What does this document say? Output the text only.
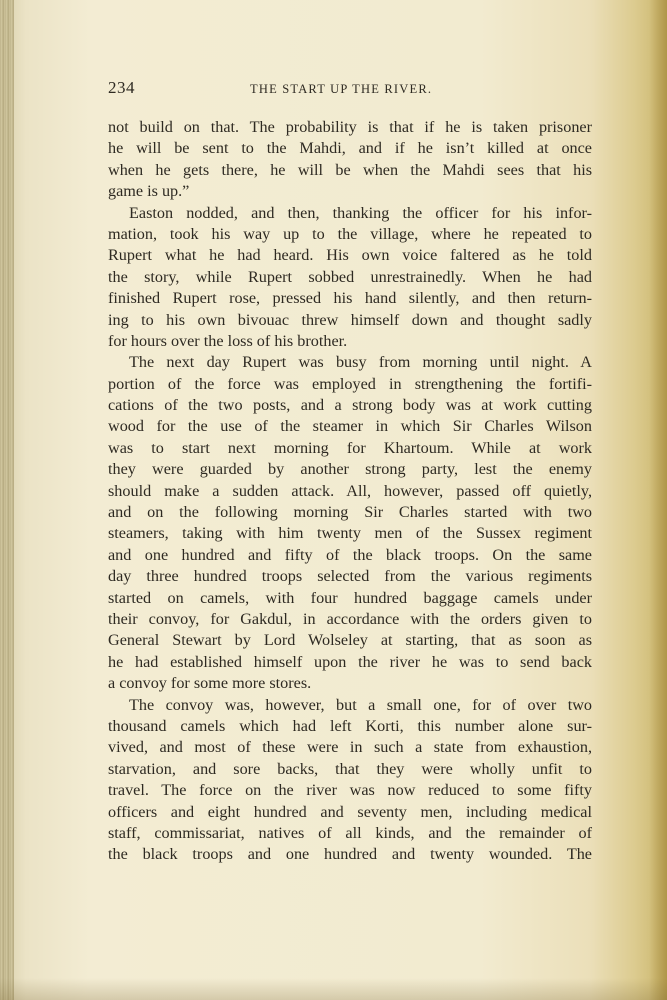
234	THE START UP THE RIVER.
not build on that. The probability is that if he is taken prisoner
he will be sent to the Mahdi, and if he isn’t killed at once
when he gets there, he will be when the Mahdi sees that his
game is up.”
Easton nodded, and then, thanking the officer for his infor-
mation, took his way up to the village, where he repeated to
Rupert what he had heard. His own voice faltered as he told
the story, while Rupert sobbed unrestrainedly. When he had
finished Rupert rose, pressed his hand silently, and then return-
ing to his own bivouac threw himself down and thought sadly
for hours over the loss of his brother.
The next day Rupert was busy from morning until night. A
portion of the force was employed in strengthening the fortifi-
cations of the two posts, and a strong body was at work cutting
wood for the use of the steamer in which Sir Charles Wilson
was to start next morning for Khartoum. While at work
they were guarded by another strong party, lest the enemy
should make a sudden attack. All, however, passed off quietly,
and on the following morning Sir Charles started with two
steamers, taking with him twenty men of the Sussex regiment
and one hundred and fifty of the black troops. On the same
day three hundred troops selected from the various regiments
started on camels, with four hundred baggage camels under
their convoy, for Gakdul, in accordance with the orders given to
General Stewart by Lord Wolseley at starting, that as soon as
he had established himself upon the river he was to send back
a convoy for some more stores.
The convoy was, however, but a small one, for of over two
thousand camels which had left Korti, this number alone sur-
vived, and most of these were in such a state from exhaustion,
starvation, and sore backs, that they were wholly unfit to
travel. The force on the river was now reduced to some fifty
officers and eight hundred and seventy men, including medical
staff, commissariat, natives of all kinds, and the remainder of
the black troops and one hundred and twenty wounded. The
